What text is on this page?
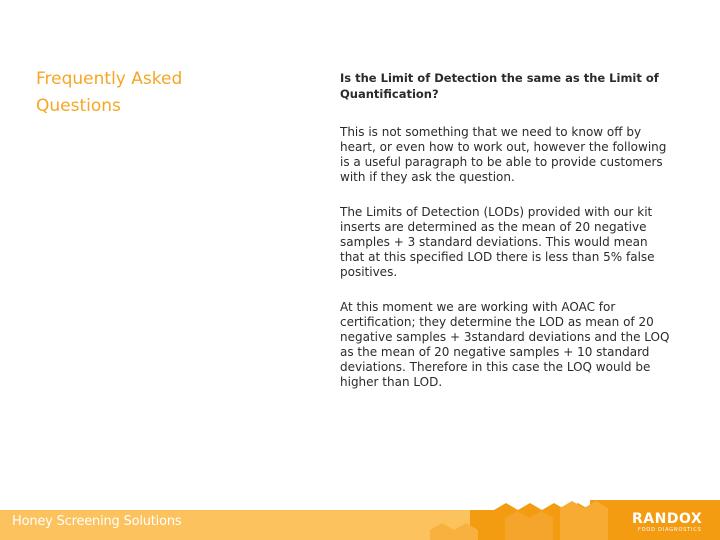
Frequently Asked Questions

Is the Limit of Detection the same as the Limit of Quantification?

This is not something that we need to know off by heart, or even how to work out, however the following is a useful paragraph to be able to provide customers with if they ask the question.

The Limits of Detection (LODs) provided with our kit inserts are determined as the mean of 20 negative samples + 3 standard deviations. This would mean that at this specified LOD there is less than 5% false positives.

At this moment we are working with AOAC for certification; they determine the LOD as mean of 20 negative samples + 3standard deviations and the LOQ as the mean of 20 negative samples + 10 standard deviations. Therefore in this case the LOQ would be higher than LOD.

Honey Screening Solutions	RANDOX
FOOD DIAGNOSTICS
